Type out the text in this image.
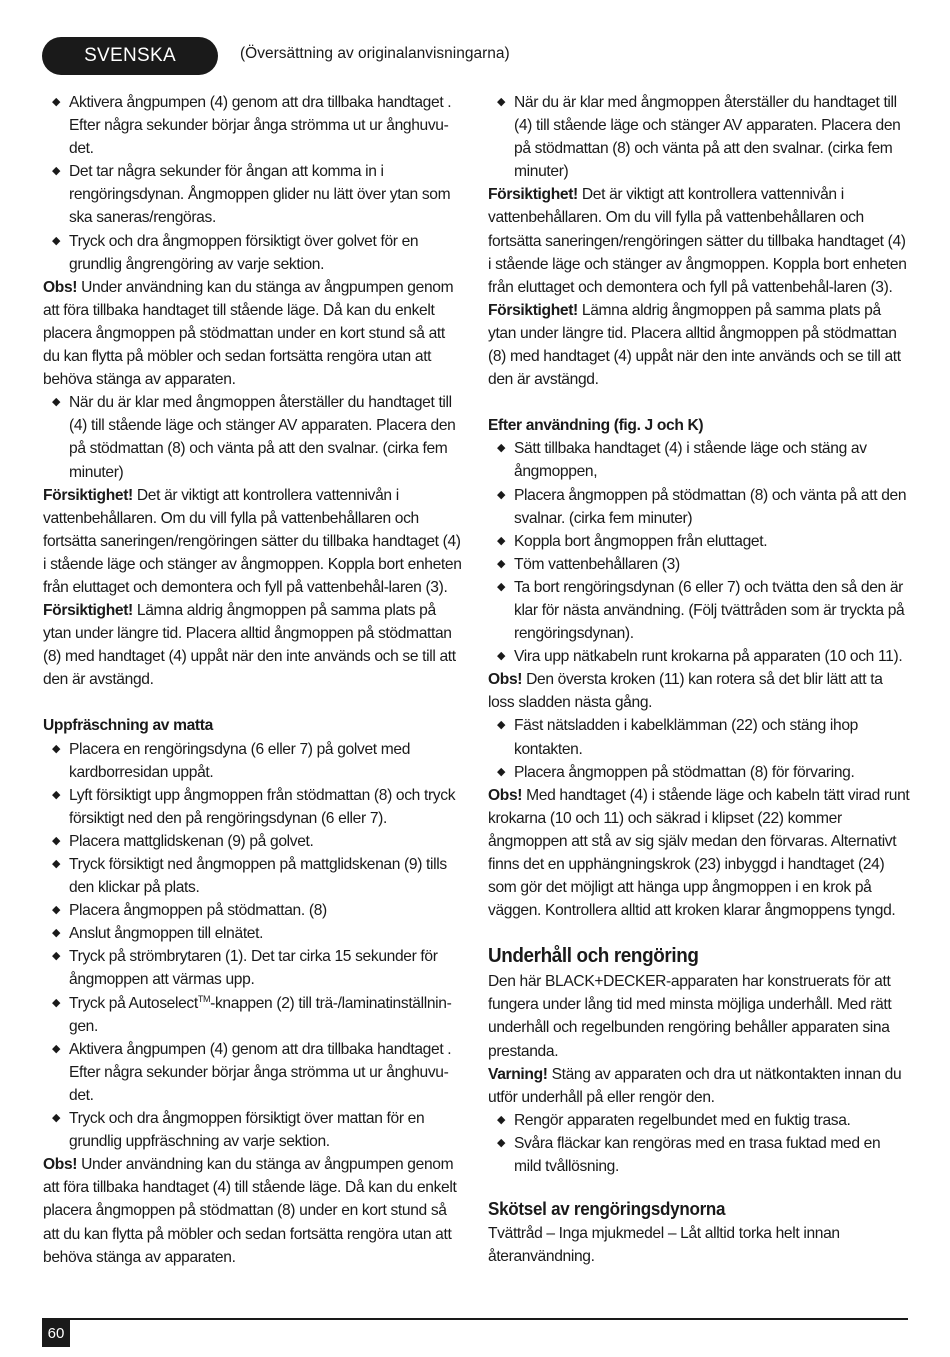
SVENSKA	(Översättning av originalanvisningarna)
◆ Aktivera ångpumpen (4) genom att dra tillbaka handtaget . Efter några sekunder börjar ånga strömma ut ur ånghuvu-det.
◆ Det tar några sekunder för ångan att komma in i rengöringsdynan. Ångmoppen glider nu lätt över ytan som ska saneras/rengöras.
◆ Tryck och dra ångmoppen försiktigt över golvet för en grundlig ångrengöring av varje sektion.
Obs! Under användning kan du stänga av ångpumpen genom att föra tillbaka handtaget till stående läge. Då kan du enkelt placera ångmoppen på stödmattan under en kort stund så att du kan flytta på möbler och sedan fortsätta rengöra utan att behöva stänga av apparaten.
◆ När du är klar med ångmoppen återställer du handtaget till (4) till stående läge och stänger AV apparaten. Placera den på stödmattan (8) och vänta på att den svalnar. (cirka fem minuter)
Försiktighet! Det är viktigt att kontrollera vattennivån i vattenbehållaren. Om du vill fylla på vattenbehållaren och fortsätta saneringen/rengöringen sätter du tillbaka handtaget (4) i stående läge och stänger av ångmoppen. Koppla bort enheten från eluttaget och demontera och fyll på vattenbehål-laren (3).
Försiktighet! Lämna aldrig ångmoppen på samma plats på ytan under längre tid. Placera alltid ångmoppen på stödmattan (8) med handtaget (4) uppåt när den inte används och se till att den är avstängd.
Uppfräschning av matta
◆ Placera en rengöringsdyna (6 eller 7) på golvet med kardborresidan uppåt.
◆ Lyft försiktigt upp ångmoppen från stödmattan (8) och tryck försiktigt ned den på rengöringsdynan (6 eller 7).
◆ Placera mattglidskenan (9) på golvet.
◆ Tryck försiktigt ned ångmoppen på mattglidskenan (9) tills den klickar på plats.
◆ Placera ångmoppen på stödmattan. (8)
◆ Anslut ångmoppen till elnätet.
◆ Tryck på strömbrytaren (1). Det tar cirka 15 sekunder för ångmoppen att värmas upp.
◆ Tryck på Autoselect™-knappen (2) till trä-/laminatinställnin-gen.
◆ Aktivera ångpumpen (4) genom att dra tillbaka handtaget . Efter några sekunder börjar ånga strömma ut ur ånghuvu-det.
◆ Tryck och dra ångmoppen försiktigt över mattan för en grundlig uppfräschning av varje sektion.
Obs! Under användning kan du stänga av ångpumpen genom att föra tillbaka handtaget (4) till stående läge. Då kan du enkelt placera ångmoppen på stödmattan (8) under en kort stund så att du kan flytta på möbler och sedan fortsätta rengöra utan att behöva stänga av apparaten.
◆ När du är klar med ångmoppen återställer du handtaget till (4) till stående läge och stänger AV apparaten. Placera den på stödmattan (8) och vänta på att den svalnar. (cirka fem minuter)
Försiktighet! Det är viktigt att kontrollera vattennivån i vattenbehållaren. Om du vill fylla på vattenbehållaren och fortsätta saneringen/rengöringen sätter du tillbaka handtaget (4) i stående läge och stänger av ångmoppen. Koppla bort enheten från eluttaget och demontera och fyll på vattenbehål-laren (3).
Försiktighet! Lämna aldrig ångmoppen på samma plats på ytan under längre tid. Placera alltid ångmoppen på stödmattan (8) med handtaget (4) uppåt när den inte används och se till att den är avstängd.
Efter användning (fig. J och K)
◆ Sätt tillbaka handtaget (4) i stående läge och stäng av ångmoppen,
◆ Placera ångmoppen på stödmattan (8) och vänta på att den svalnar. (cirka fem minuter)
◆ Koppla bort ångmoppen från eluttaget.
◆ Töm vattenbehållaren (3)
◆ Ta bort rengöringsdynan (6 eller 7) och tvätta den så den är klar för nästa användning. (Följ tvättråden som är tryckta på rengöringsdynan).
◆ Vira upp nätkabeln runt krokarna på apparaten (10 och 11).
Obs! Den översta kroken (11) kan rotera så det blir lätt att ta loss sladden nästa gång.
◆ Fäst nätsladden i kabelklämman (22) och stäng ihop kontakten.
◆ Placera ångmoppen på stödmattan (8) för förvaring.
Obs! Med handtaget (4) i stående läge och kabeln tätt virad runt krokarna (10 och 11) och säkrad i klipset (22) kommer ångmoppen att stå av sig själv medan den förvaras. Alternativt finns det en upphängningskrok (23) inbyggd i handtaget (24) som gör det möjligt att hänga upp ångmoppen i en krok på väggen. Kontrollera alltid att kroken klarar ångmoppens tyngd.
Underhåll och rengöring
Den här BLACK+DECKER-apparaten har konstruerats för att fungera under lång tid med minsta möjliga underhåll. Med rätt underhåll och regelbunden rengöring behåller apparaten sina prestanda.
Varning! Stäng av apparaten och dra ut nätkontakten innan du utför underhåll på eller rengör den.
◆ Rengör apparaten regelbundet med en fuktig trasa.
◆ Svåra fläckar kan rengöras med en trasa fuktad med en mild tvållösning.
Skötsel av rengöringsdynorna
Tvättråd – Inga mjukmedel – Låt alltid torka helt innan återanvändning.
60
